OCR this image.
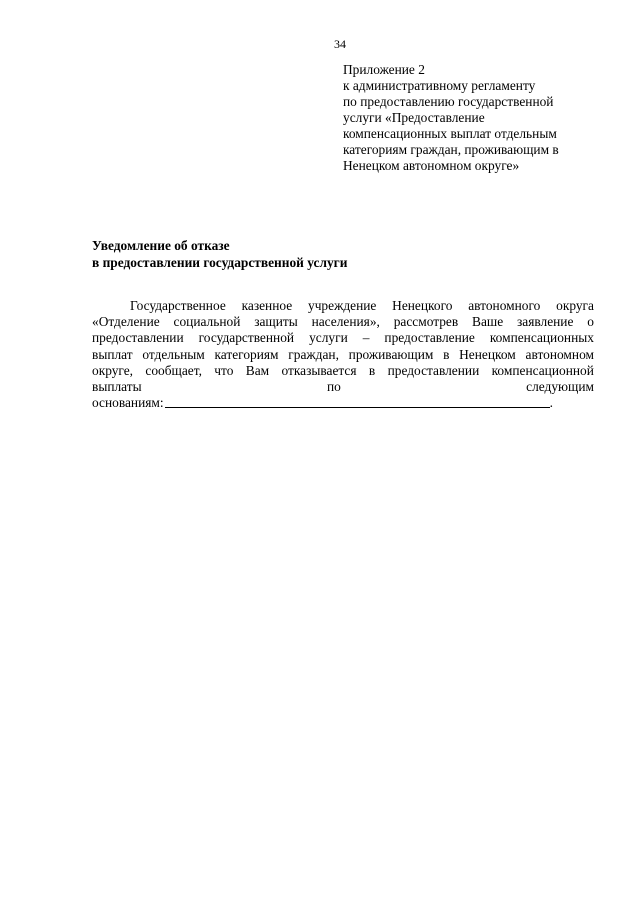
34
Приложение 2
к административному регламенту
по предоставлению государственной
услуги «Предоставление
компенсационных выплат отдельным
категориям граждан, проживающим в
Ненецком автономном округе»
Уведомление об отказе
в предоставлении государственной услуги
Государственное казенное учреждение Ненецкого автономного округа
«Отделение социальной защиты населения», рассмотрев Ваше заявление о
предоставлении государственной услуги – предоставление компенсационных
выплат отдельным категориям граждан, проживающим в Ненецком автономном
округе, сообщает, что Вам отказывается в предоставлении компенсационной
выплаты	по	следующим
основаниям:	.
